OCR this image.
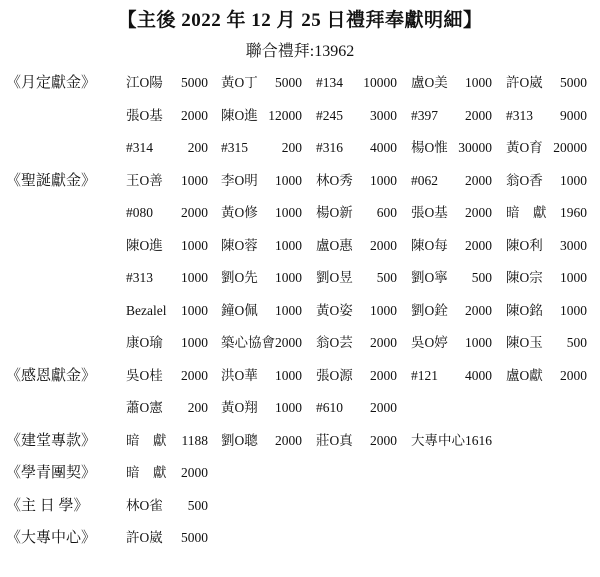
【主後 2022 年 12 月 25 日禮拜奉獻明細】
聯合禮拜:13962
《月定獻金》	江O陽 5000 黃O丁 5000 #134 10000 盧O美 1000 許O崴 5000
張O基 2000 陳O進 12000 #245 3000 #397 2000 #313 9000
#314	200 #315	200 #316 4000 楊O惟 30000 黃O育 20000
《聖誕獻金》	王O善 1000 李O明 1000 林O秀 1000 #062 2000 翁O香 1000
#080 2000 黃O修 1000 楊O新 600 張O基 2000 暗　獻 1960
陳O進 1000 陳O蓉 1000 盧O惠 2000 陳O每 2000 陳O利 3000
#313 1000 劉O先 1000 劉O昱 500 劉O寧 500 陳O宗 1000
Bezalel 1000 鐘O佩 1000 黃O姿 1000 劉O銓 2000 陳O銘 1000
康O瑜 1000 築心協會 2000 翁O芸 2000 吳O婷 1000 陳O玉 500
《感恩獻金》	吳O桂 2000 洪O華 1000 張O源 2000 #121 4000 盧O獻 2000
蕭O憲 200 黃O翔 1000 #610 2000
《建堂專款》	暗　獻 1188 劉O聰 2000 莊O真 2000 大專中心 1616
《學青團契》	暗　獻 2000
《主 日 學》	林O雀 500
《大專中心》	許O崴 5000
